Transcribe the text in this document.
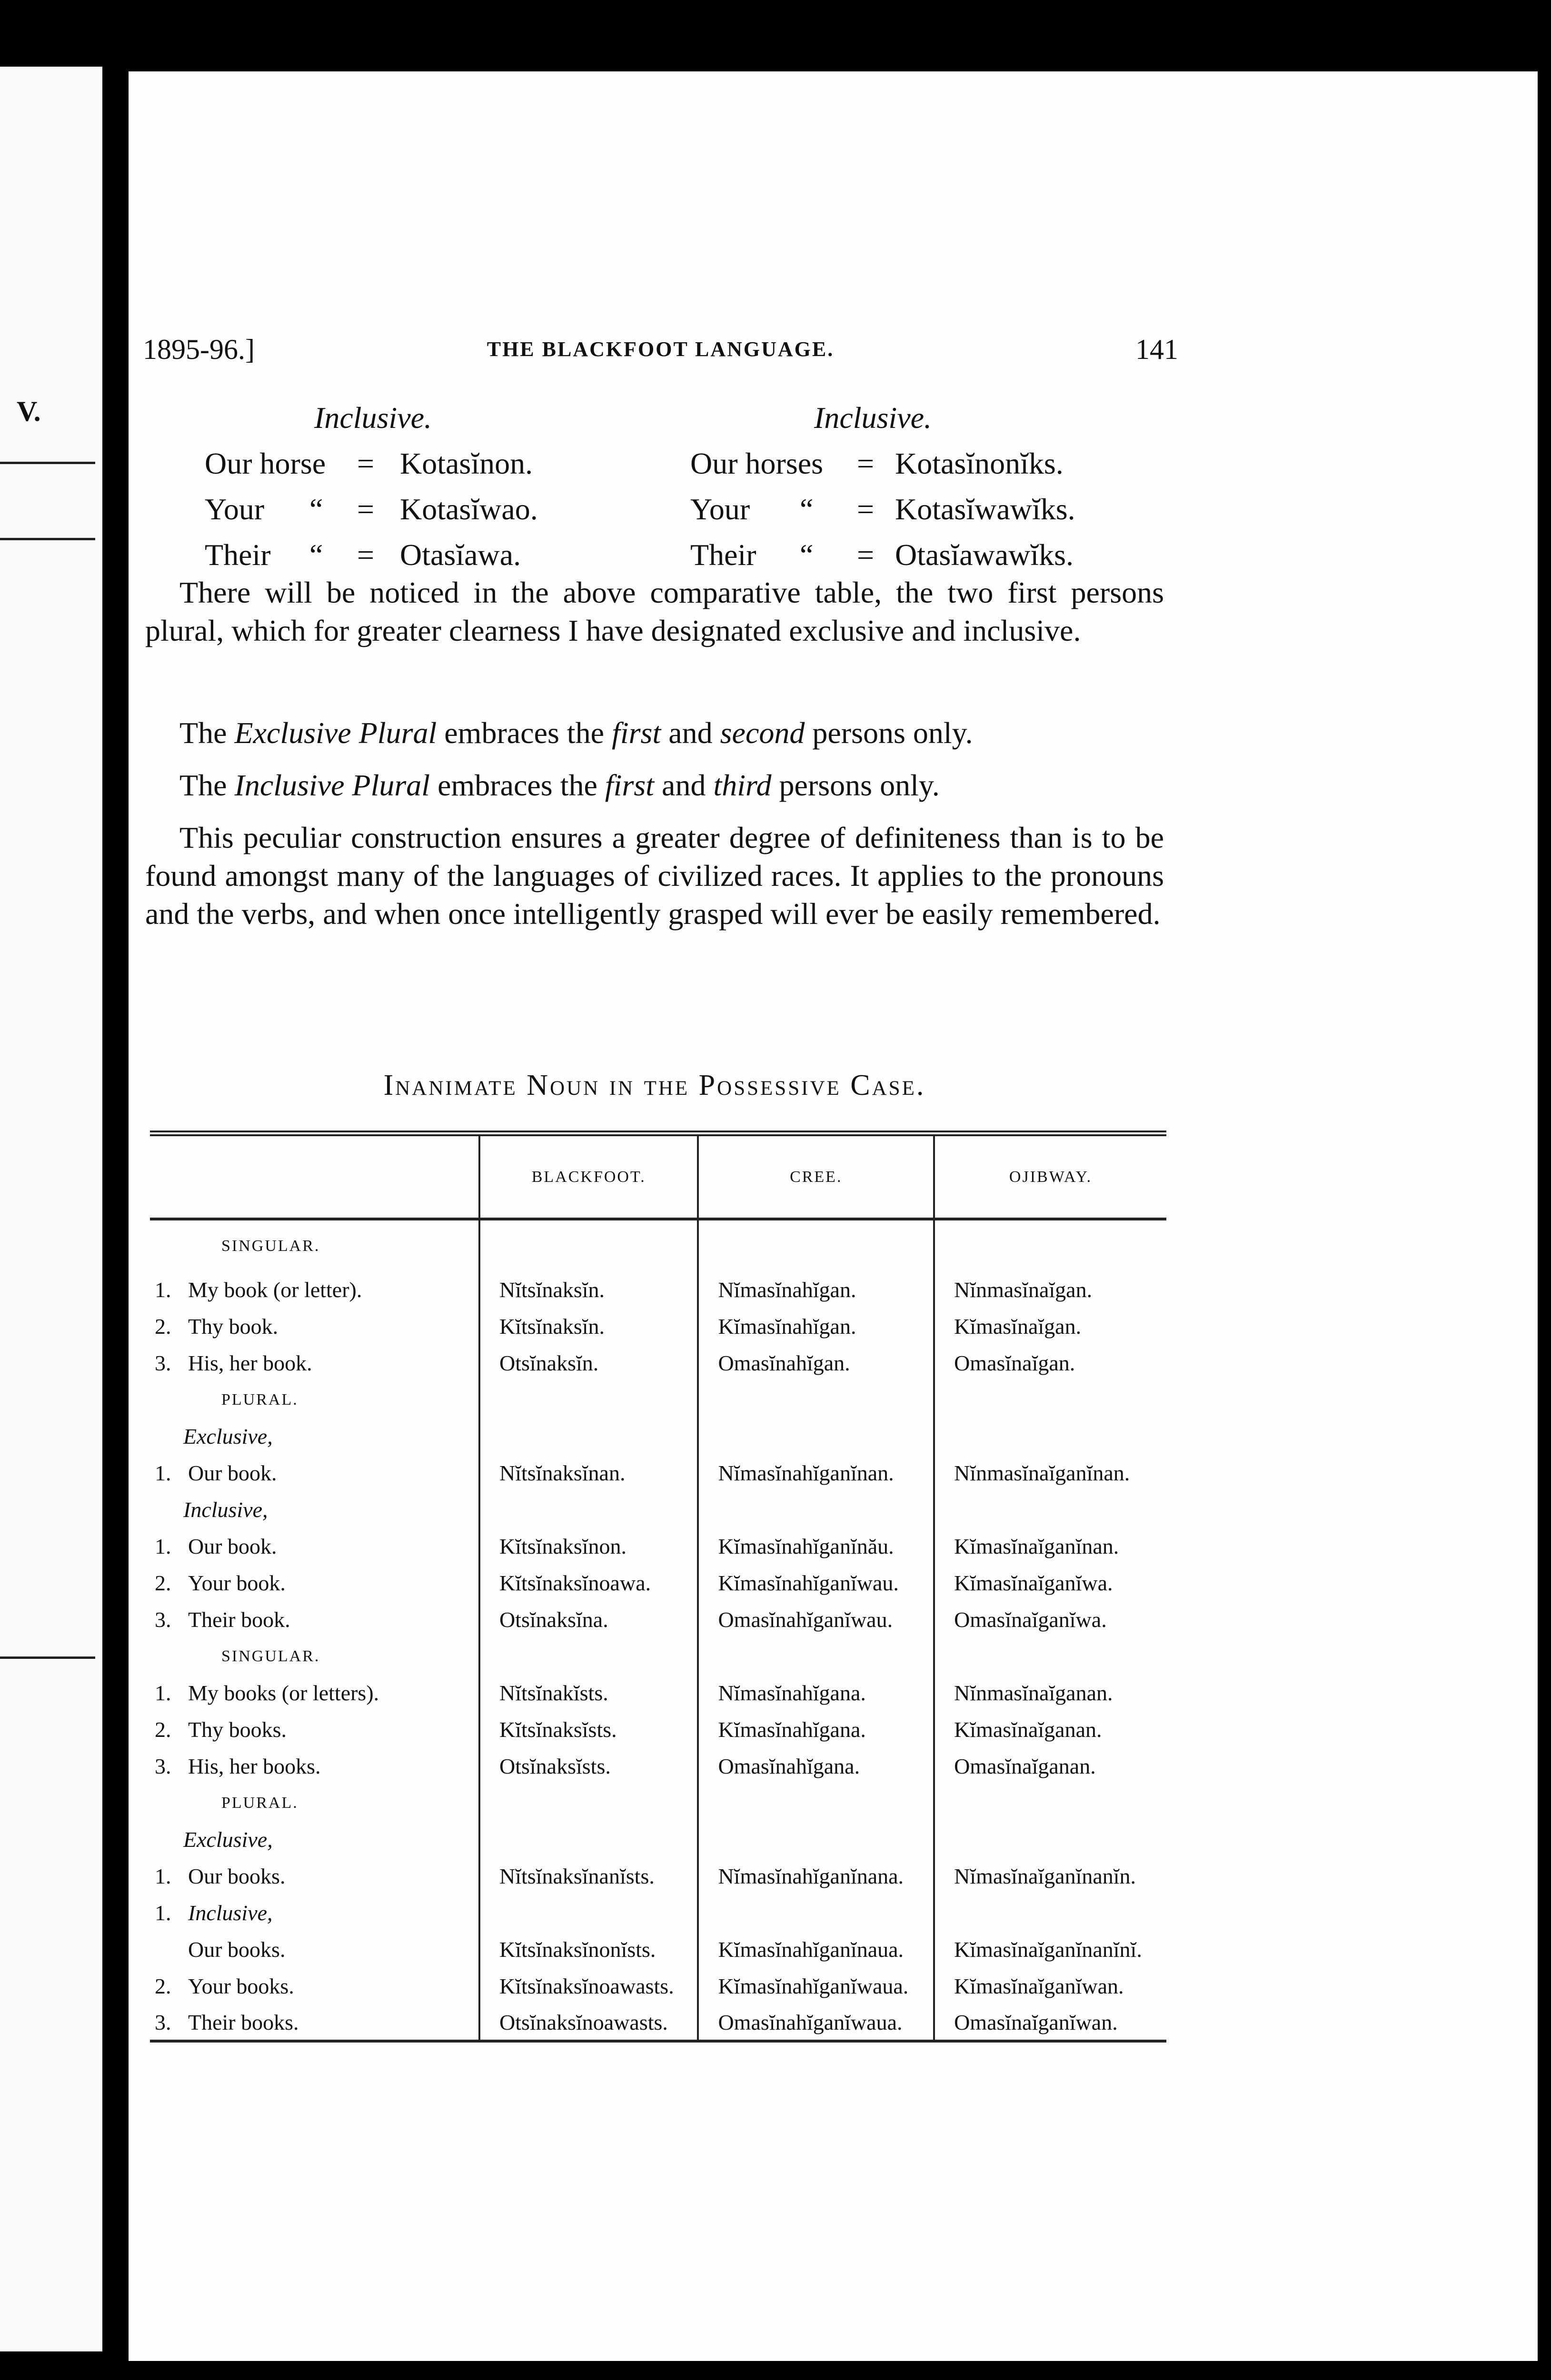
V.
1895-96.]	THE BLACKFOOT LANGUAGE.	141
Inclusive.
Our horse = Kotasĭnon.
Your “ = Kotasĭwao.
Their “ = Otasĭawa.
Inclusive.
Our horses = Kotasĭnonĭks.
Your “ = Kotasĭwawĭks.
Their “ = Otasĭawawĭks.

There will be noticed in the above comparative table, the two first persons plural, which for greater clearness I have designated exclusive and inclusive.

The Exclusive Plural embraces the first and second persons only.

The Inclusive Plural embraces the first and third persons only.

This peculiar construction ensures a greater degree of definiteness than is to be found amongst many of the languages of civilized races. It applies to the pronouns and the verbs, and when once intelligently grasped will ever be easily remembered.

Inanimate Noun in the Possessive Case.
	BLACKFOOT.	CREE.	OJIBWAY.
SINGULAR.			
1. My book (or letter).	Nĭtsĭnaksĭn.	Nĭmasĭnahĭgan.	Nĭnmasĭnaĭgan.
2. Thy book.	Kĭtsĭnaksĭn.	Kĭmasĭnahĭgan.	Kĭmasĭnaĭgan.
3. His, her book.	Otsĭnaksĭn.	Omasĭnahĭgan.	Omasĭnaĭgan.
PLURAL.			
Exclusive,			
1. Our book.	Nĭtsĭnaksĭnan.	Nĭmasĭnahĭganĭnan.	Nĭnmasĭnaĭganĭnan.
Inclusive,			
1. Our book.	Kĭtsĭnaksĭnon.	Kĭmasĭnahĭganĭnău.	Kĭmasĭnaĭganĭnan.
2. Your book.	Kĭtsĭnaksĭnoawa.	Kĭmasĭnahĭganĭwau.	Kĭmasĭnaĭganĭwa.
3. Their book.	Otsĭnaksĭna.	Omasĭnahĭganĭwau.	Omasĭnaĭganĭwa.
SINGULAR.			
1. My books (or letters).	Nĭtsĭnakĭsts.	Nĭmasĭnahĭgana.	Nĭnmasĭnaĭganan.
2. Thy books.	Kĭtsĭnaksĭsts.	Kĭmasĭnahĭgana.	Kĭmasĭnaĭganan.
3. His, her books.	Otsĭnaksĭsts.	Omasĭnahĭgana.	Omasĭnaĭganan.
PLURAL.			
Exclusive,			
1. Our books.	Nĭtsĭnaksĭnanĭsts.	Nĭmasĭnahĭganĭnana.	Nĭmasĭnaĭganĭnanĭn.
1. Inclusive,			
Our books.	Kĭtsĭnaksĭnonĭsts.	Kĭmasĭnahĭganĭnaua.	Kĭmasĭnaĭganĭnanĭnĭ.
2. Your books.	Kĭtsĭnaksĭnoawasts.	Kĭmasĭnahĭganĭwaua.	Kĭmasĭnaĭganĭwan.
3. Their books.	Otsĭnaksĭnoawasts.	Omasĭnahĭganĭwaua.	Omasĭnaĭganĭwan.
